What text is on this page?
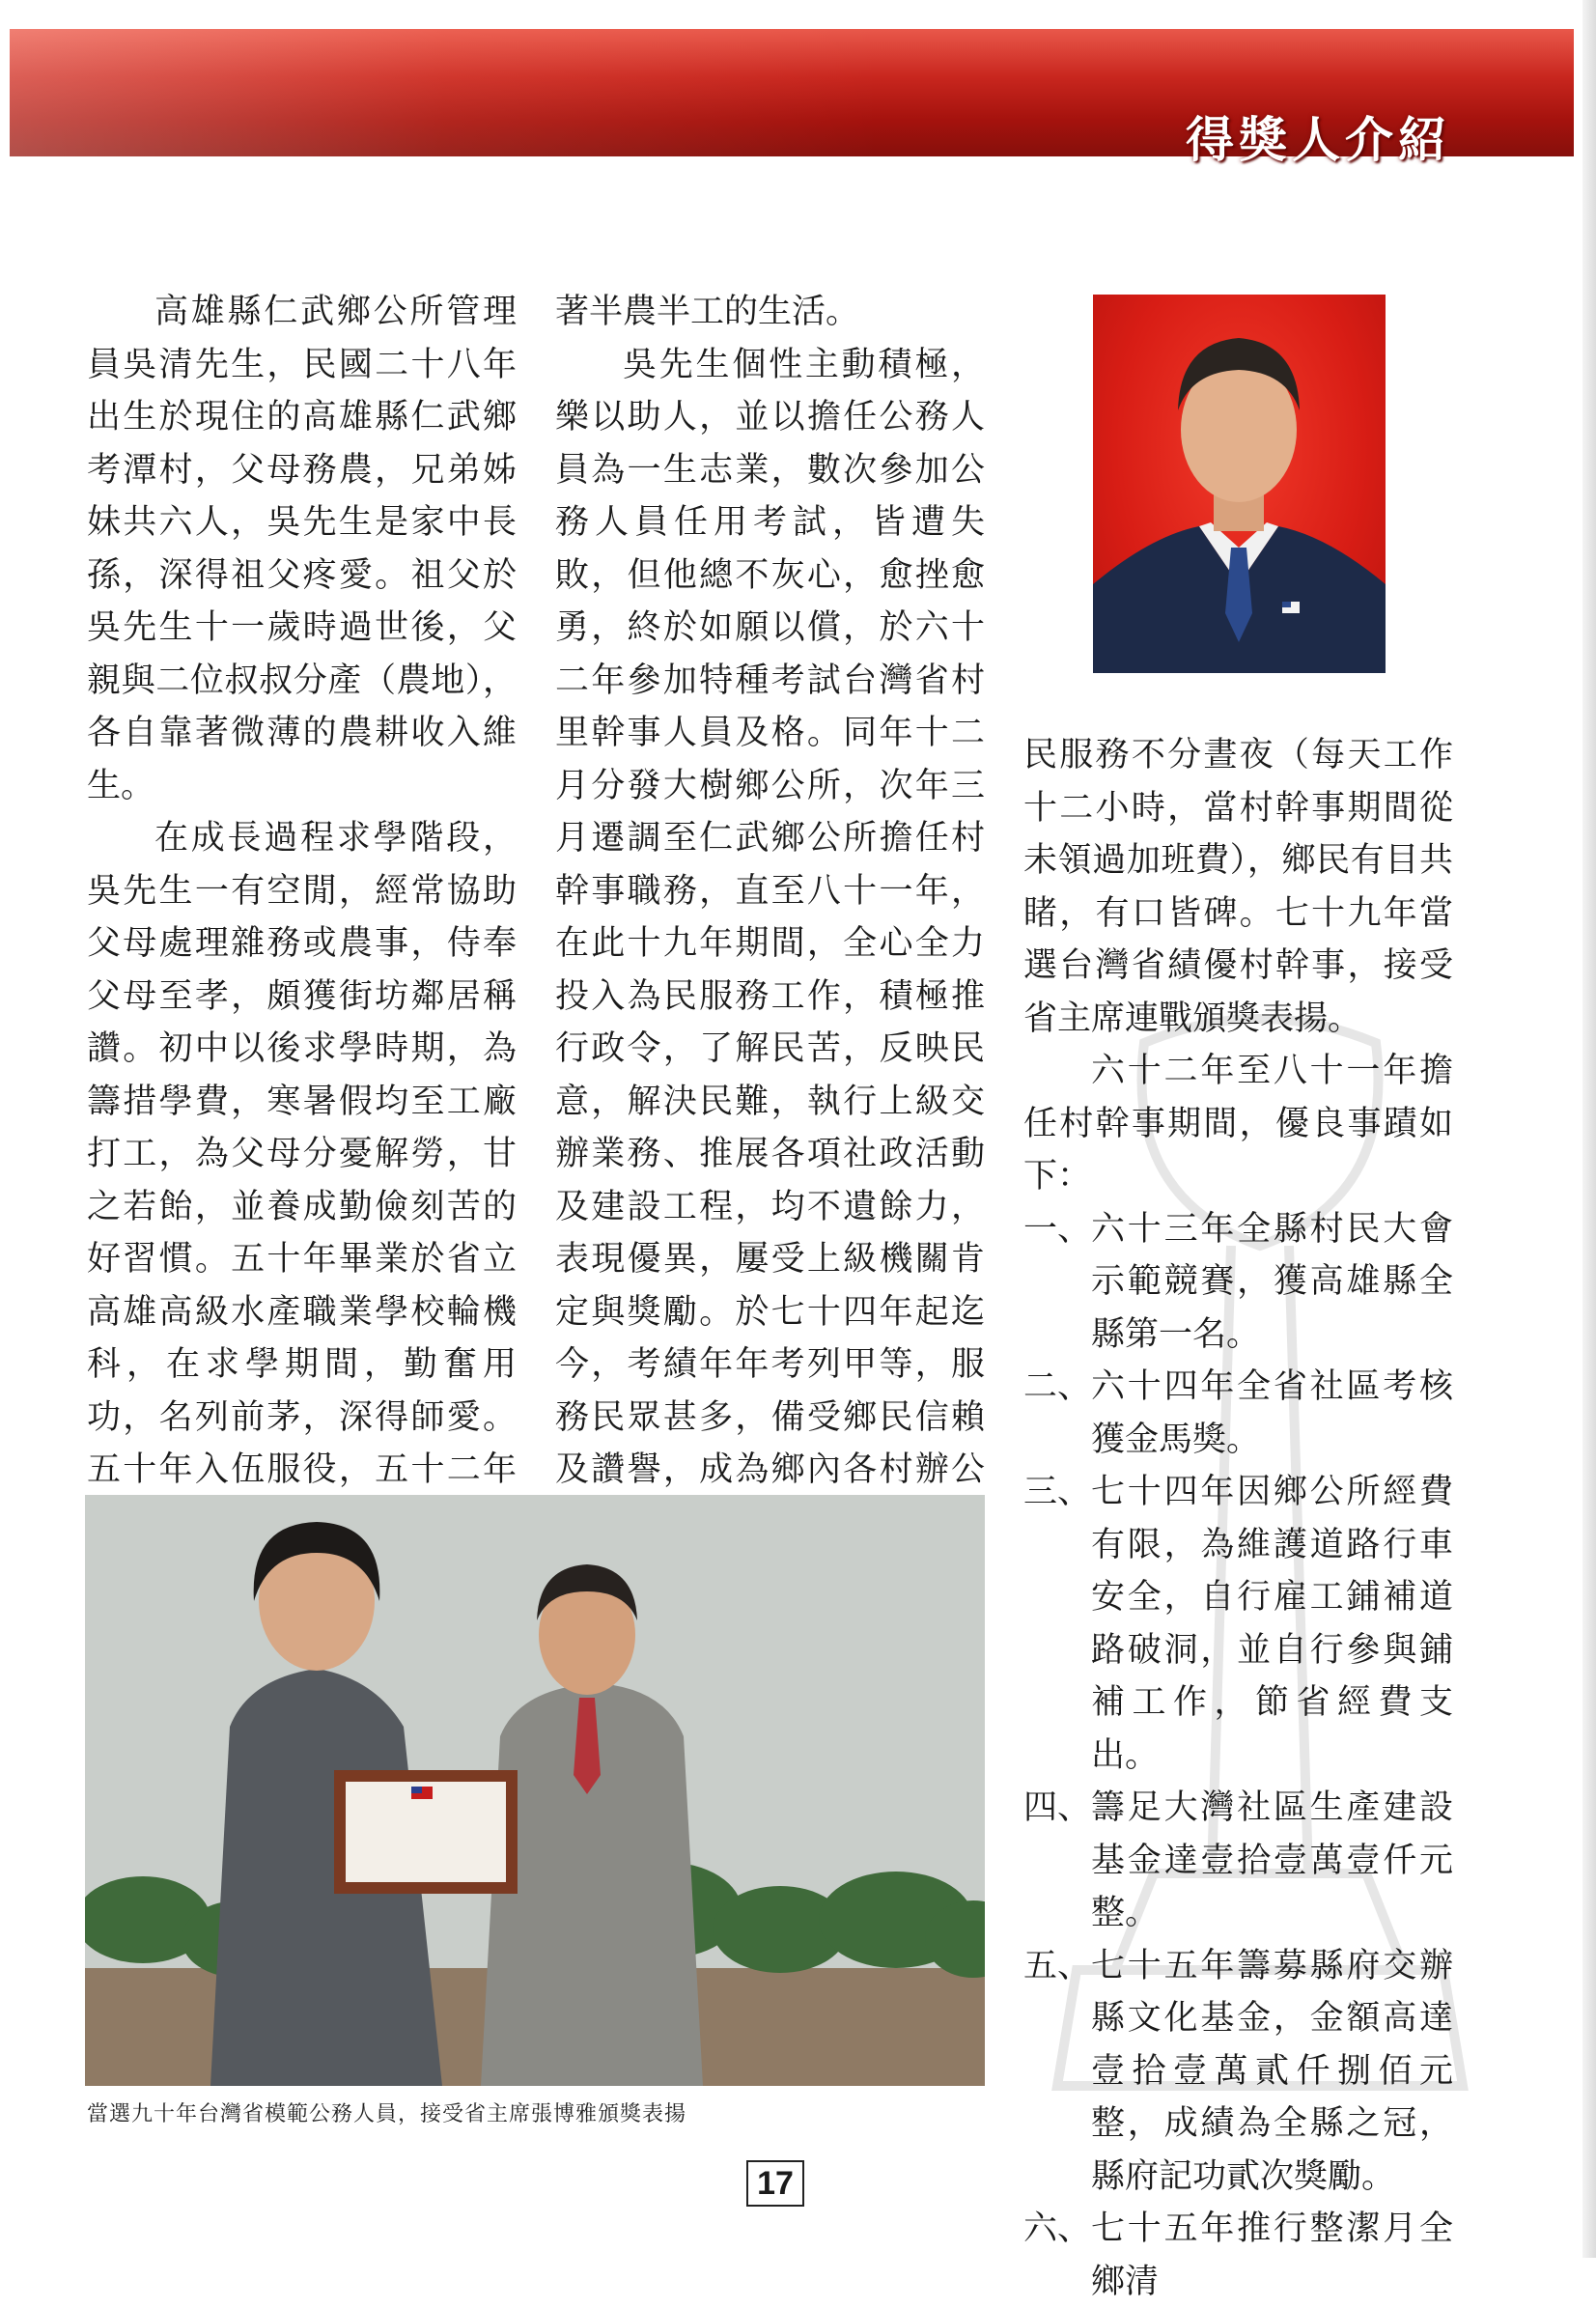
得獎人介紹

高雄縣仁武鄉公所管理員吳清先生，民國二十八年出生於現住的高雄縣仁武鄉考潭村，父母務農，兄弟姊妹共六人，吳先生是家中長孫，深得祖父疼愛。祖父於吳先生十一歲時過世後，父親與二位叔叔分產（農地），各自靠著微薄的農耕收入維生。

在成長過程求學階段，吳先生一有空閒，經常協助父母處理雜務或農事，侍奉父母至孝，頗獲街坊鄰居稱讚。初中以後求學時期，為籌措學費，寒暑假均至工廠打工，為父母分憂解勞，甘之若飴，並養成勤儉刻苦的好習慣。五十年畢業於省立高雄高級水產職業學校輪機科，在求學期間，勤奮用功，名列前茅，深得師愛。五十年入伍服役，五十二年

著半農半工的生活。

吳先生個性主動積極，樂以助人，並以擔任公務人員為一生志業，數次參加公務人員任用考試，皆遭失敗，但他總不灰心，愈挫愈勇，終於如願以償，於六十二年參加特種考試台灣省村里幹事人員及格。同年十二月分發大樹鄉公所，次年三月遷調至仁武鄉公所擔任村幹事職務，直至八十一年，在此十九年期間，全心全力投入為民服務工作，積極推行政令，了解民苦，反映民意，解決民難，執行上級交辦業務、推展各項社政活動及建設工程，均不遺餘力，表現優異，屢受上級機關肯定與獎勵。於七十四年起迄今，考績年年考列甲等，服務民眾甚多，備受鄉民信賴及讚譽，成為鄉內各村辦公

民服務不分晝夜（每天工作十二小時，當村幹事期間從未領過加班費），鄉民有目共睹，有口皆碑。七十九年當選台灣省績優村幹事，接受省主席連戰頒獎表揚。

六十二年至八十一年擔任村幹事期間，優良事蹟如下：

一、 六十三年全縣村民大會示範競賽，獲高雄縣全縣第一名。
二、 六十四年全省社區考核獲金馬獎。
三、 七十四年因鄉公所經費有限，為維護道路行車安全，自行雇工鋪補道路破洞，並自行參與鋪補工作，節省經費支出。
四、 籌足大灣社區生產建設基金達壹拾壹萬壹仟元整。
五、 七十五年籌募縣府交辦縣文化基金，金額高達壹拾壹萬貳仟捌佰元整，成績為全縣之冠，縣府記功貳次獎勵。
六、 七十五年推行整潔月全鄉清
當選九十年台灣省模範公務人員，接受省主席張博雅頒獎表揚
17
